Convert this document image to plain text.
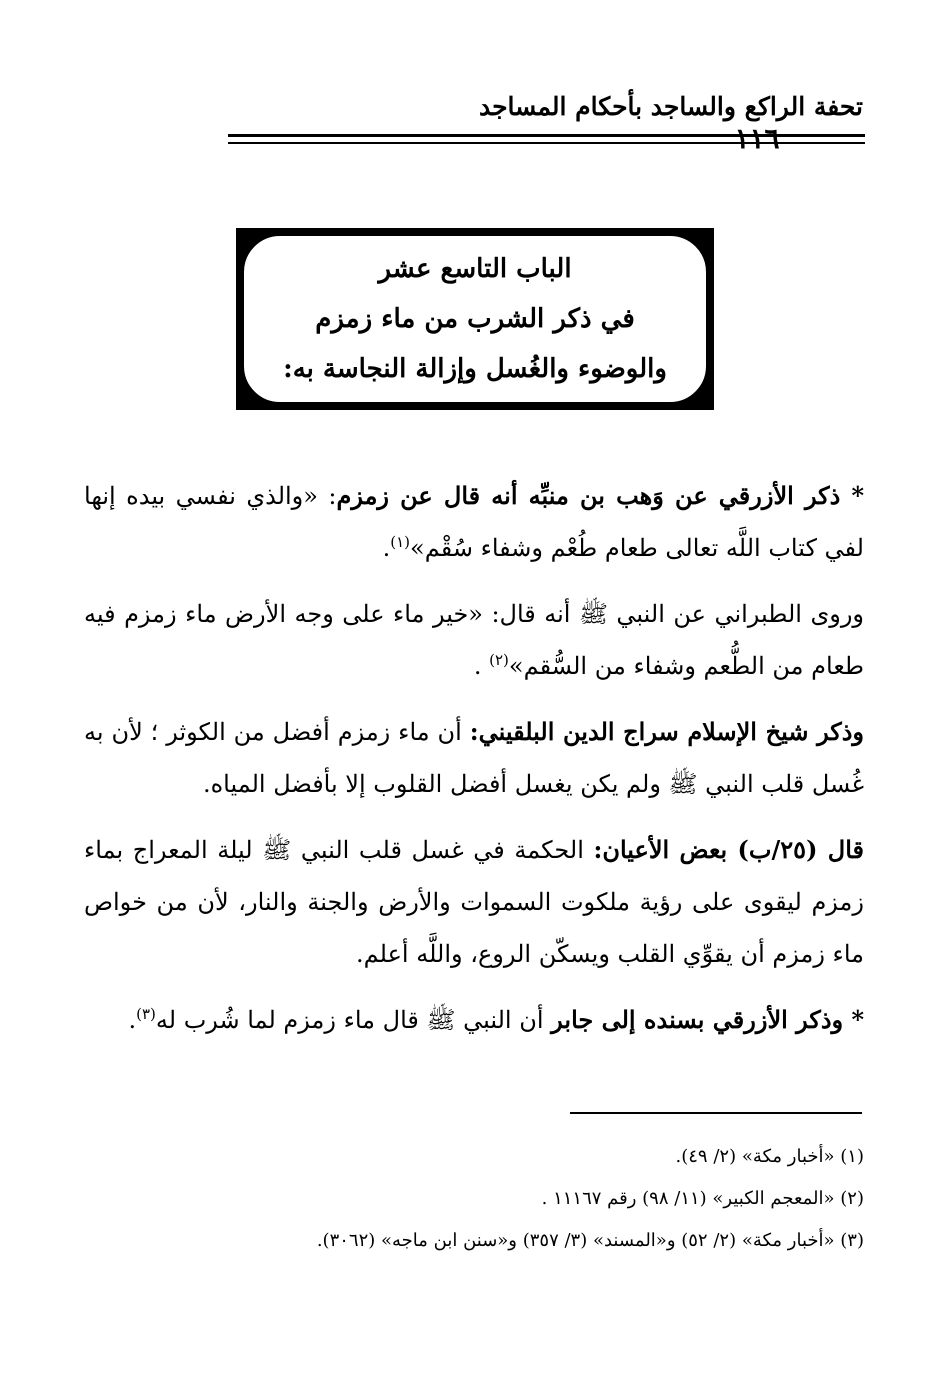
تحفة الراكع والساجد بأحكام المساجد
١١٦
الباب التاسع عشر
في ذكر الشرب من ماء زمزم
والوضوء والغُسل وإزالة النجاسة به:

* ذكر الأزرقي عن وَهب بن منبِّه أنه قال عن زمزم: «والذي نفسي بيده إنها لفي كتاب اللَّه تعالى طعام طُعْم وشفاء سُقْم»$^{(١)}$.

وروى الطبراني عن النبي ﷺ أنه قال: «خير ماء على وجه الأرض ماء زمزم فيه طعام من الطُّعم وشفاء من السُّقم»$^{(٢)}$ .

وذكر شيخ الإسلام سراج الدين البلقيني: أن ماء زمزم أفضل من الكوثر ؛ لأن به غُسل قلب النبي ﷺ ولم يكن يغسل أفضل القلوب إلا بأفضل المياه.

قال (٢٥/ب) بعض الأعيان: الحكمة في غسل قلب النبي ﷺ ليلة المعراج بماء زمزم ليقوى على رؤية ملكوت السموات والأرض والجنة والنار، لأن من خواص ماء زمزم أن يقوِّي القلب ويسكّن الروع، واللَّه أعلم.

* وذكر الأزرقي بسنده إلى جابر أن النبي ﷺ قال ماء زمزم لما شُرب له$^{(٣)}$.

(١) «أخبار مكة» (٢/ ٤٩).
(٢) «المعجم الكبير» (١١/ ٩٨) رقم ١١١٦٧ .
(٣) «أخبار مكة» (٢/ ٥٢) و«المسند» (٣/ ٣٥٧) و«سنن ابن ماجه» (٣٠٦٢).
